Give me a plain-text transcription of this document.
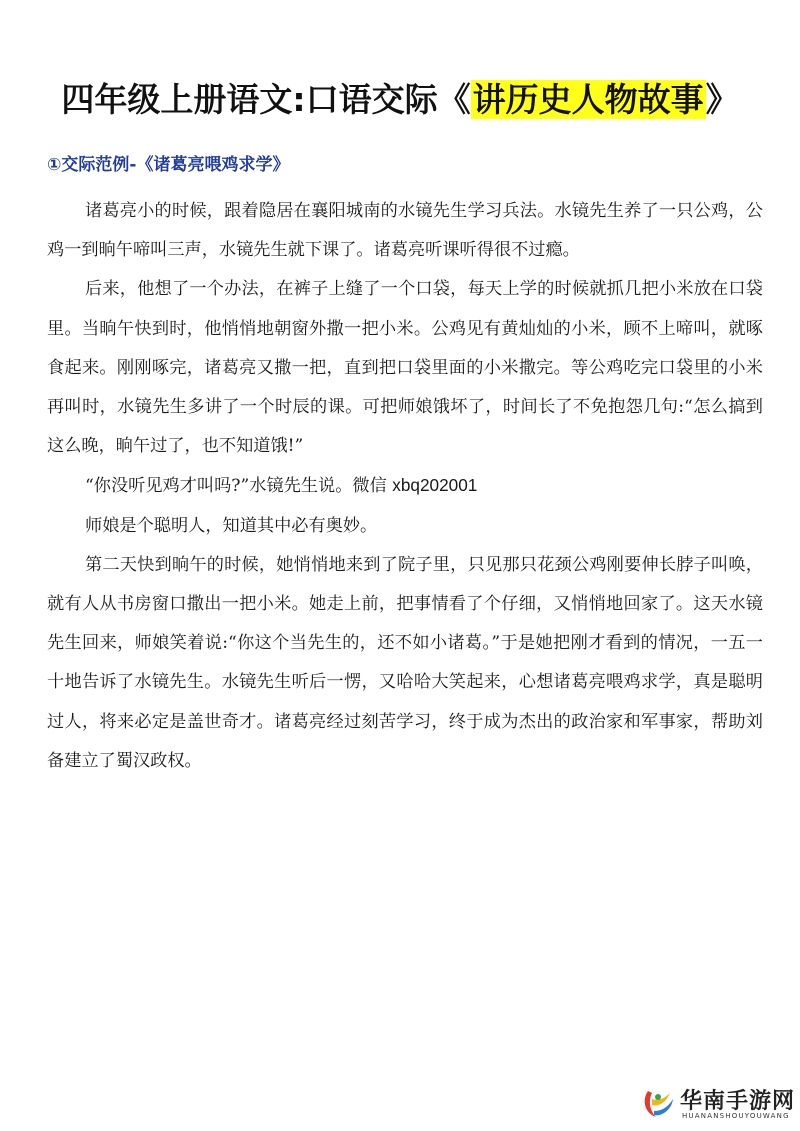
四年级上册语文:口语交际《讲历史人物故事》
①交际范例-《诸葛亮喂鸡求学》

诸葛亮小的时候，跟着隐居在襄阳城南的水镜先生学习兵法。水镜先生养了一只公鸡，公鸡一到晌午啼叫三声，水镜先生就下课了。诸葛亮听课听得很不过瘾。

后来，他想了一个办法，在裤子上缝了一个口袋，每天上学的时候就抓几把小米放在口袋里。当晌午快到时，他悄悄地朝窗外撒一把小米。公鸡见有黄灿灿的小米，顾不上啼叫，就啄食起来。刚刚啄完，诸葛亮又撒一把，直到把口袋里面的小米撒完。等公鸡吃完口袋里的小米再叫时，水镜先生多讲了一个时辰的课。可把师娘饿坏了，时间长了不免抱怨几句:“怎么搞到这么晚，晌午过了，也不知道饿!”

“你没听见鸡才叫吗?”水镜先生说。微信 xbq202001

师娘是个聪明人，知道其中必有奥妙。

第二天快到晌午的时候，她悄悄地来到了院子里，只见那只花颈公鸡刚要伸长脖子叫唤，就有人从书房窗口撒出一把小米。她走上前，把事情看了个仔细，又悄悄地回家了。这天水镜先生回来，师娘笑着说:“你这个当先生的，还不如小诸葛。”于是她把刚才看到的情况，一五一十地告诉了水镜先生。水镜先生听后一愣，又哈哈大笑起来，心想诸葛亮喂鸡求学，真是聪明过人，将来必定是盖世奇才。诸葛亮经过刻苦学习，终于成为杰出的政治家和军事家，帮助刘备建立了蜀汉政权。

华南手游网
HUANANSHOUYOUWANG
